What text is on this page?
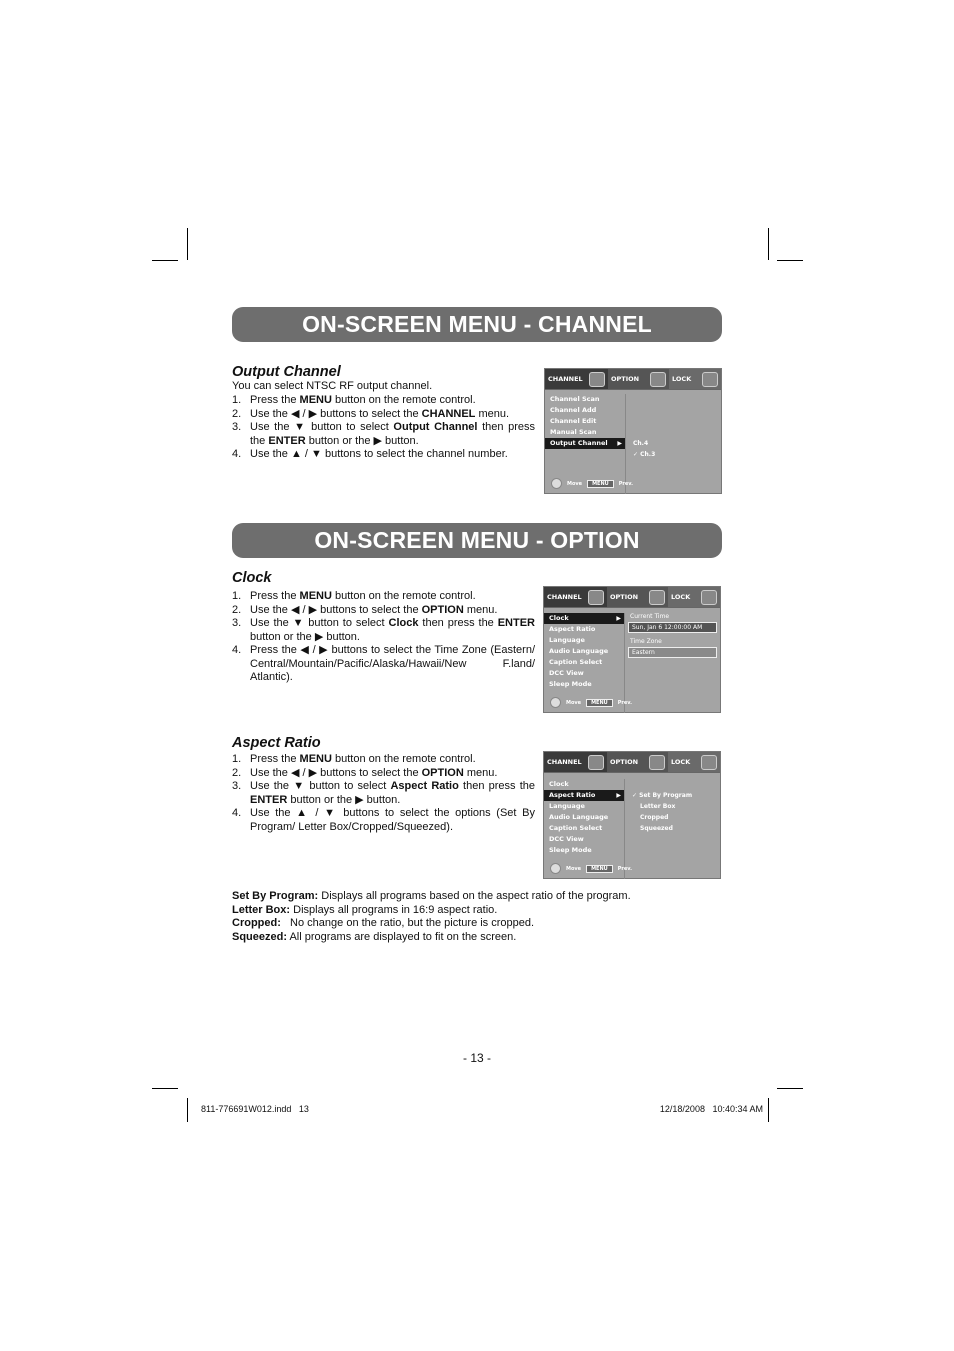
ON-SCREEN MENU - CHANNEL
Output Channel
You can select NTSC RF output channel.
1. Press the MENU button on the remote control.
2. Use the ◀ / ▶ buttons to select the CHANNEL menu.
3. Use the ▼ button to select Output Channel then press the ENTER button or the ▶ button.
4. Use the ▲ / ▼ buttons to select the channel number.
CHANNEL	OPTION	LOCK
Channel Scan
Channel Add
Channel Edit
Manual Scan
Output Channel ▶	Ch.4
✓ Ch.3
Move	MENU	Prev.
ON-SCREEN MENU - OPTION
Clock
1. Press the MENU button on the remote control.
2. Use the ◀ / ▶ buttons to select the OPTION menu.
3. Use the ▼ button to select Clock then press the ENTER button or the ▶ button.
4. Press the ◀ / ▶ buttons to select the Time Zone (Eastern/ Central/Mountain/Pacific/Alaska/Hawaii/New F.land/ Atlantic).
CHANNEL	OPTION	LOCK
Clock ▶
Aspect Ratio
Language
Audio Language
Caption Select
DCC View
Sleep Mode
Current Time
Sun, Jan 6 12:00:00 AM
Time Zone
Eastern
Move	MENU	Prev.
Aspect Ratio
1. Press the MENU button on the remote control.
2. Use the ◀ / ▶ buttons to select the OPTION menu.
3. Use the ▼ button to select Aspect Ratio then press the ENTER button or the ▶ button.
4. Use the ▲ / ▼ buttons to select the options (Set By Program/ Letter Box/Cropped/Squeezed).
CHANNEL	OPTION	LOCK
Clock
Aspect Ratio ▶
Language
Audio Language
Caption Select
DCC View
Sleep Mode
✓ Set By Program
Letter Box
Cropped
Squeezed
Move	MENU	Prev.
Set By Program: Displays all programs based on the aspect ratio of the program.
Letter Box: Displays all programs in 16:9 aspect ratio.
Cropped:   No change on the ratio, but the picture is cropped.
Squeezed: All programs are displayed to fit on the screen.
- 13 -
811-776691W012.indd   13	12/18/2008   10:40:34 AM
